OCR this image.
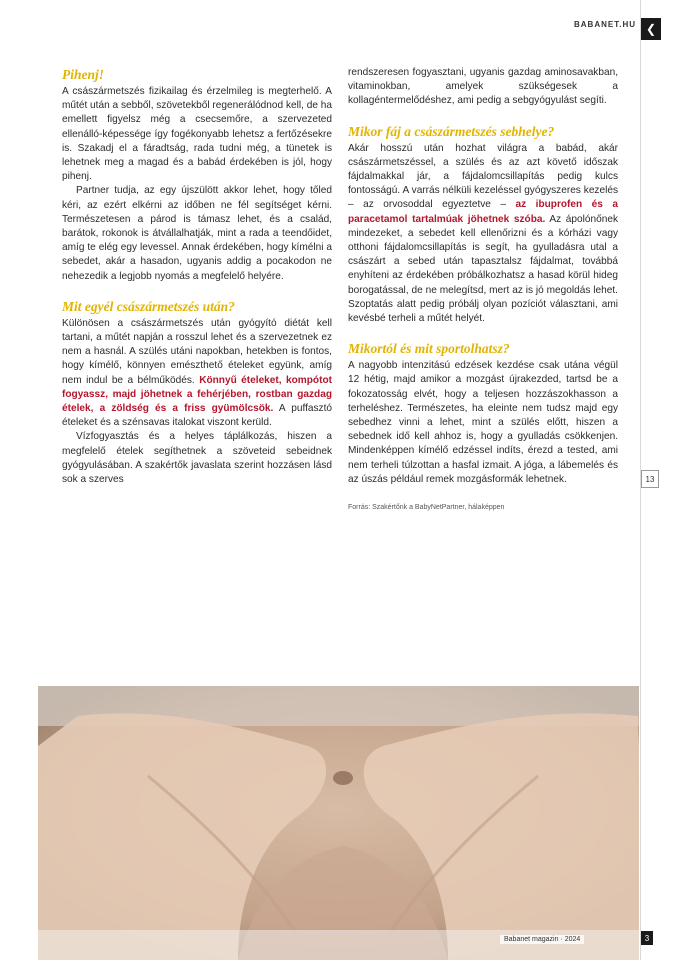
BABANET.HU ❮
13
Pihenj!

A császármetszés fizikailag és érzelmileg is megterhelő. A műtét után a sebből, szövetekből regenerálódnod kell, de ha emellett figyelsz még a csecsemőre, a szervezeted ellenálló-képessége így fogékonyabb lehetsz a fertőzésekre is. Szakadj el a fáradtság, rada tudni még, a tünetek is lehetnek meg a magad és a babád érdekében is jól, hogy pihenj.

Partner tudja, az egy újszülött akkor lehet, hogy tőled kéri, az ezért elkérni az időben ne fél segítséget kérni. Természetesen a párod is támasz lehet, és a család, barátok, rokonok is átvállalhatják, mint a rada a teendőidet, amíg te elég egy levessel. Annak érdekében, hogy kímélni a sebedet, akár a hasadon, ugyanis addig a pocakodon ne nehezedik a legjobb nyomás a megfelelő helyére.

Mit egyél császármetszés után?

Különösen a császármetszés után gyógyító diétát kell tartani, a műtét napján a rosszul lehet és a szervezetnek ez nem a hasnál. A szülés utáni napokban, hetekben is fontos, hogy kímélő, könnyen emészthető ételeket együnk, amíg nem indul be a bélműködés. Könnyű ételeket, kompótot fogyassz, majd jöhetnek a fehérjében, rostban gazdag ételek, a zöldség és a friss gyümölcsök. A puffasztó ételeket és a szénsavas italokat viszont kerüld.

Vízfogyasztás és a helyes táplálkozás, hiszen a megfelelő ételek segíthetnek a szöveteid sebeidnek gyógyulásában. A szakértők javaslata szerint hozzásen lásd sok a szerves

rendszeresen fogyasztani, ugyanis gazdag aminosavakban, vitaminokban, amelyek szükségesek a kollagéntermelődéshez, ami pedig a sebgyógyulást segíti.

Mikor fáj a császármetszés sebhelye?

Akár hosszú után hozhat világra a babád, akár császármetszéssel, a szülés és az azt követő időszak fájdalmakkal jár, a fájdalomcsillapítás pedig kulcs fontosságú. A varrás nélküli kezeléssel gyógyszeres kezelés – az orvosoddal egyeztetve – az ibuprofen és a paracetamol tartalmúak jöhetnek szóba. Az ápolónőnek mindezeket, a sebedet kell ellenőrizni és a kórházi vagy otthoni fájdalomcsillapítás is segít, ha gyulladásra utal a császárt a sebed után tapasztalsz fájdalmat, továbbá enyhíteni az érdekében próbálkozhatsz a hasad körül hideg borogatással, de ne melegítsd, mert az is jó megoldás lehet. Szoptatás alatt pedig próbálj olyan pozíciót választani, ami kevésbé terheli a műtét helyét.

Mikortól és mit sportolhatsz?

A nagyobb intenzitású edzések kezdése csak utána végül 12 hétig, majd amikor a mozgást újrakezded, tartsd be a fokozatosság elvét, hogy a teljesen hozzászokhasson a terheléshez. Természetes, ha eleinte nem tudsz majd egy sebedhez vinni a lehet, mint a szülés előtt, hiszen a sebednek idő kell ahhoz is, hogy a gyulladás csökkenjen. Mindenképpen kímélő edzéssel indíts, érezd a tested, ami nem terheli túlzottan a hasfal izmait. A jóga, a lábemelés és az úszás például remek mozgásformák lehetnek.

Forrás: Szakértőnk a BabyNetPartner, hálaképpen
Babanet magazin · 2024	3
